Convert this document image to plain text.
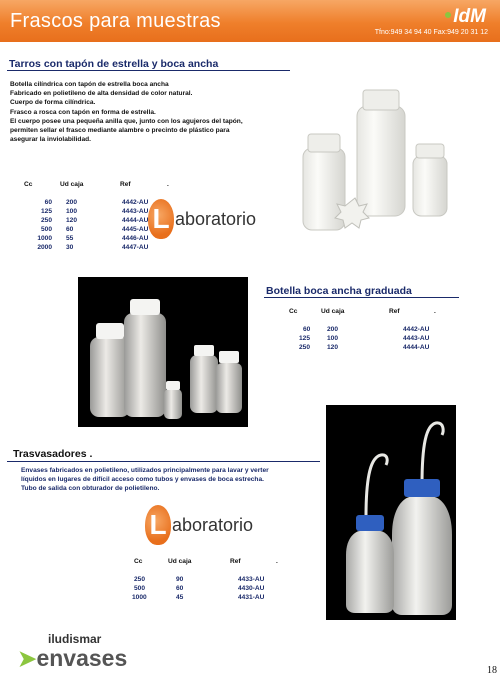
Frascos para muestras	IdM
Tfno:949 34 94 40 Fax:949 20 31 12
Tarros con tapón de estrella y boca ancha
Botella cilíndrica con tapón de estrella boca ancha
Fabricado en polietileno de alta densidad de color natural.
Cuerpo de forma cilíndrica.
Frasco a rosca con tapón en forma de estrella.
El cuerpo posee una pequeña anilla que, junto con los agujeros del tapón,
permiten sellar el frasco mediante alambre o precinto de plástico para
asegurar la inviolabilidad.
Cc	Ud caja	Ref	.
60	200	4442-AU	
125	100	4443-AU	
250	120	4444-AU	
500	60	4445-AU	
1000	55	4446-AU	
2000	30	4447-AU	
L aboratorio
Botella boca ancha graduada
Cc	Ud caja	Ref	.
60	200	4442-AU	
125	100	4443-AU	
250	120	4444-AU	
Trasvasadores .
Envases fabricados en polietileno, utilizados principalmente para lavar y verter
líquidos en lugares de difícil acceso como tubos y envases de boca estrecha.
Tubo de salida con obturador de polietileno.
L aboratorio
Cc	Ud caja	Ref	.
250	90	4433-AU	
500	60	4430-AU	
1000	45	4431-AU	
iludismar
➤envases	18
